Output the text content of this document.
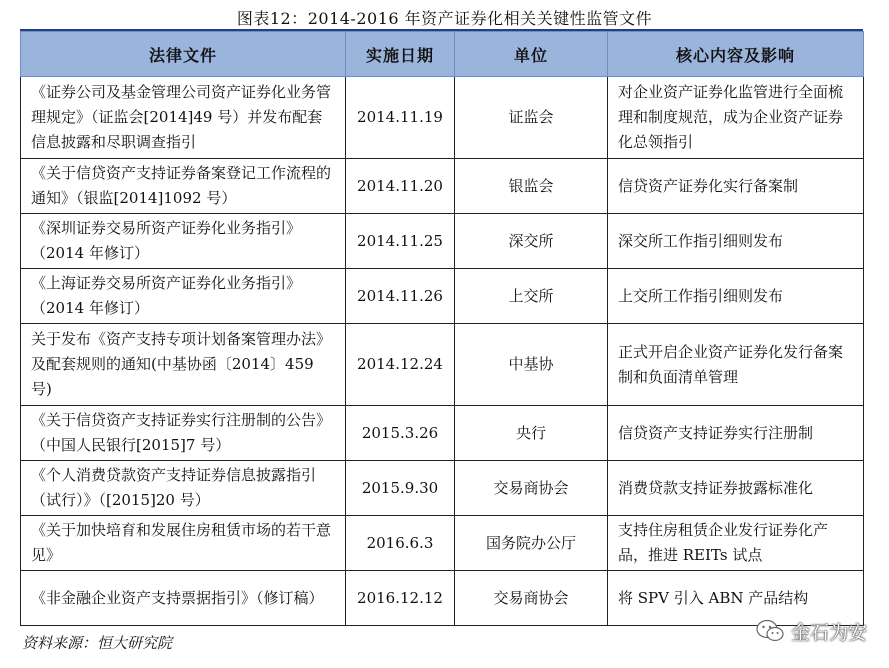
图表12：2014-2016 年资产证券化相关关键性监管文件
法律文件	实施日期	单位	核心内容及影响
《证券公司及基金管理公司资产证券化业务管理规定》（证监会[2014]49 号）并发布配套信息披露和尽职调查指引	2014.11.19	证监会	对企业资产证券化监管进行全面梳理和制度规范，成为企业资产证券化总领指引
《关于信贷资产支持证券备案登记工作流程的通知》（银监[2014]1092 号）	2014.11.20	银监会	信贷资产证券化实行备案制
《深圳证券交易所资产证券化业务指引》（2014 年修订）	2014.11.25	深交所	深交所工作指引细则发布
《上海证券交易所资产证券化业务指引》（2014 年修订）	2014.11.26	上交所	上交所工作指引细则发布
关于发布《资产支持专项计划备案管理办法》及配套规则的通知(中基协函〔2014〕459 号)	2014.12.24	中基协	正式开启企业资产证券化发行备案制和负面清单管理
《关于信贷资产支持证券实行注册制的公告》（中国人民银行[2015]7 号）	2015.3.26	央行	信贷资产支持证券实行注册制
《个人消费贷款资产支持证券信息披露指引（试行）》（[2015]20 号）	2015.9.30	交易商协会	消费贷款支持证券披露标准化
《关于加快培育和发展住房租赁市场的若干意见》	2016.6.3	国务院办公厅	支持住房租赁企业发行证券化产品，推进 REITs 试点
《非金融企业资产支持票据指引》（修订稿）	2016.12.12	交易商协会	将 SPV 引入 ABN 产品结构
资料来源：恒大研究院	金石为安
